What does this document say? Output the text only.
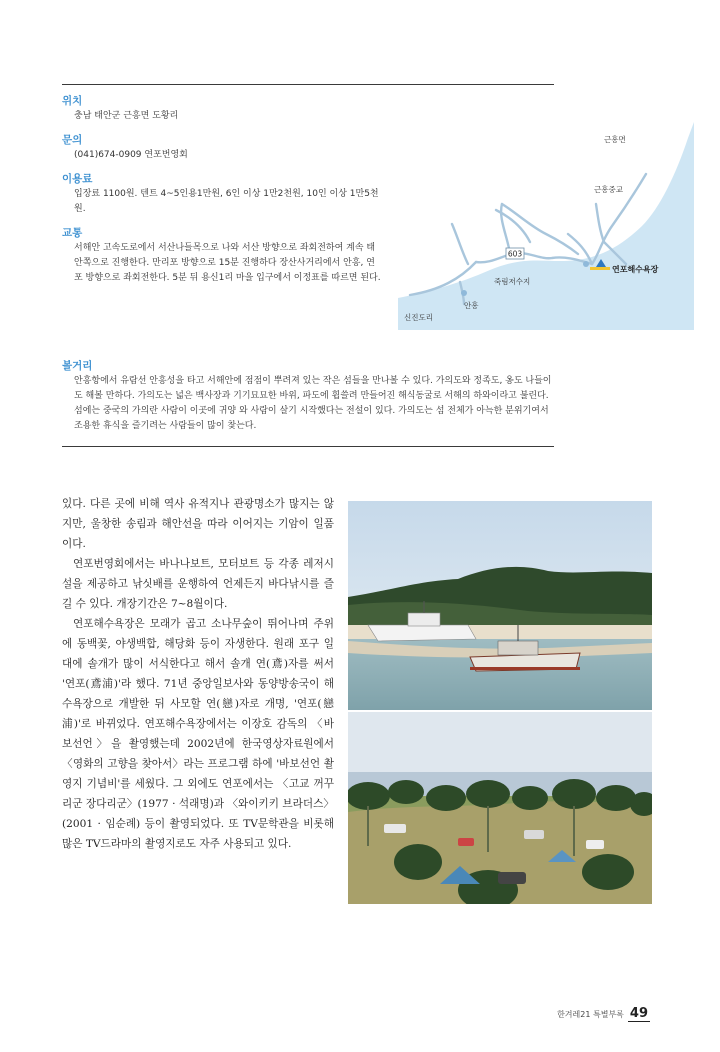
위치
충남 태안군 근흥면 도황리
문의
(041)674-0909 연포번영회
이용료
입장료 1100원. 텐트 4~5인용1만원, 6인 이상 1만2천원, 10인 이상 1만5천원.
교통
서해안 고속도로에서 서산나들목으로 나와 서산 방향으로 좌회전하여 계속 태안쪽으로 진행한다. 만리포 방향으로 15분 진행하다 장산사거리에서 안흥, 연포 방향으로 좌회전한다. 5분 뒤 용신1리 마을 입구에서 이정표를 따르면 된다.
볼거리
안흥항에서 유람선 안흥성을 타고 서해안에 점점이 뿌려져 있는 작은 섬들을 만나볼 수 있다. 가의도와 정족도, 옹도 나들이도 해볼 만하다. 가의도는 넓은 백사장과 기기묘묘한 바위, 파도에 휩쓸려 만들어진 해식동굴로 서해의 하와이라고 불린다. 섬에는 중국의 가의란 사람이 이곳에 귀양 와 사람이 살기 시작했다는 전설이 있다. 가의도는 섬 전체가 아늑한 분위기여서 조용한 휴식을 즐기려는 사람들이 많이 찾는다.
603
근흥면
근흥중교
죽림저수지
연포해수욕장
안흥
신진도리

있다. 다른 곳에 비해 역사 유적지나 관광명소가 많지는 않지만, 울창한 송림과 해안선을 따라 이어지는 기암이 일품이다.

연포번영회에서는 바나나보트, 모터보트 등 각종 레저시설을 제공하고 낚싯배를 운행하여 언제든지 바다낚시를 즐길 수 있다. 개장기간은 7~8월이다.

연포해수욕장은 모래가 곱고 소나무숲이 뛰어나며 주위에 동백꽃, 야생백합, 해당화 등이 자생한다. 원래 포구 일대에 솔개가 많이 서식한다고 해서 솔개 연(鳶)자를 써서 '연포(鳶浦)'라 했다. 71년 중앙일보사와 동양방송국이 해수욕장으로 개발한 뒤 사모할 연(戀)자로 개명, '연포(戀浦)'로 바뀌었다. 연포해수욕장에서는 이장호 감독의 〈바보선언〉을 촬영했는데 2002년에 한국영상자료원에서 〈영화의 고향을 찾아서〉라는 프로그램 하에 '바보선언 촬영지 기념비'를 세웠다. 그 외에도 연포에서는 〈고교 꺼꾸리군 장다리군〉(1977 · 석래명)과 〈와이키키 브라더스〉(2001 · 임순례) 등이 촬영되었다. 또 TV문학관을 비롯해 많은 TV드라마의 촬영지로도 자주 사용되고 있다.

한겨레21 특별부록 49
